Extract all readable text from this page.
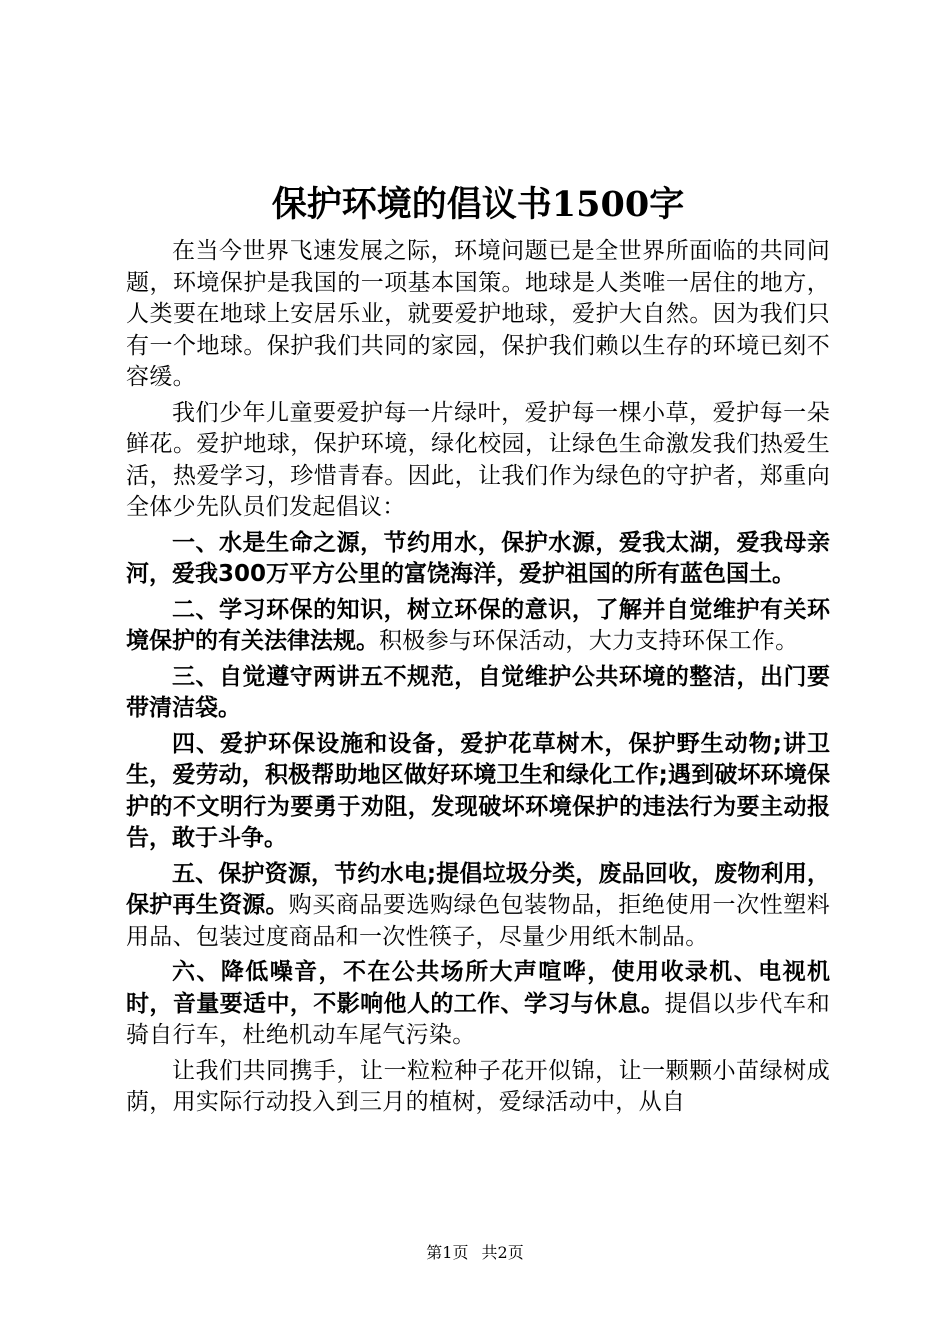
保护环境的倡议书1500字

在当今世界飞速发展之际，环境问题已是全世界所面临的共同问题，环境保护是我国的一项基本国策。地球是人类唯一居住的地方，人类要在地球上安居乐业，就要爱护地球，爱护大自然。因为我们只有一个地球。保护我们共同的家园，保护我们赖以生存的环境已刻不容缓。

我们少年儿童要爱护每一片绿叶，爱护每一棵小草，爱护每一朵鲜花。爱护地球，保护环境，绿化校园，让绿色生命激发我们热爱生活，热爱学习，珍惜青春。因此，让我们作为绿色的守护者，郑重向全体少先队员们发起倡议：

一、水是生命之源，节约用水，保护水源，爱我太湖，爱我母亲河，爱我300万平方公里的富饶海洋，爱护祖国的所有蓝色国土。

二、学习环保的知识，树立环保的意识，了解并自觉维护有关环境保护的有关法律法规。积极参与环保活动，大力支持环保工作。

三、自觉遵守两讲五不规范，自觉维护公共环境的整洁，出门要带清洁袋。

四、爱护环保设施和设备，爱护花草树木，保护野生动物;讲卫生，爱劳动，积极帮助地区做好环境卫生和绿化工作;遇到破坏环境保护的不文明行为要勇于劝阻，发现破坏环境保护的违法行为要主动报告，敢于斗争。

五、保护资源，节约水电;提倡垃圾分类，废品回收，废物利用，保护再生资源。购买商品要选购绿色包装物品，拒绝使用一次性塑料用品、包装过度商品和一次性筷子，尽量少用纸木制品。

六、降低噪音，不在公共场所大声喧哗，使用收录机、电视机时，音量要适中，不影响他人的工作、学习与休息。提倡以步代车和骑自行车，杜绝机动车尾气污染。

让我们共同携手，让一粒粒种子花开似锦，让一颗颗小苗绿树成荫，用实际行动投入到三月的植树，爱绿活动中，从自

第1页 共2页
